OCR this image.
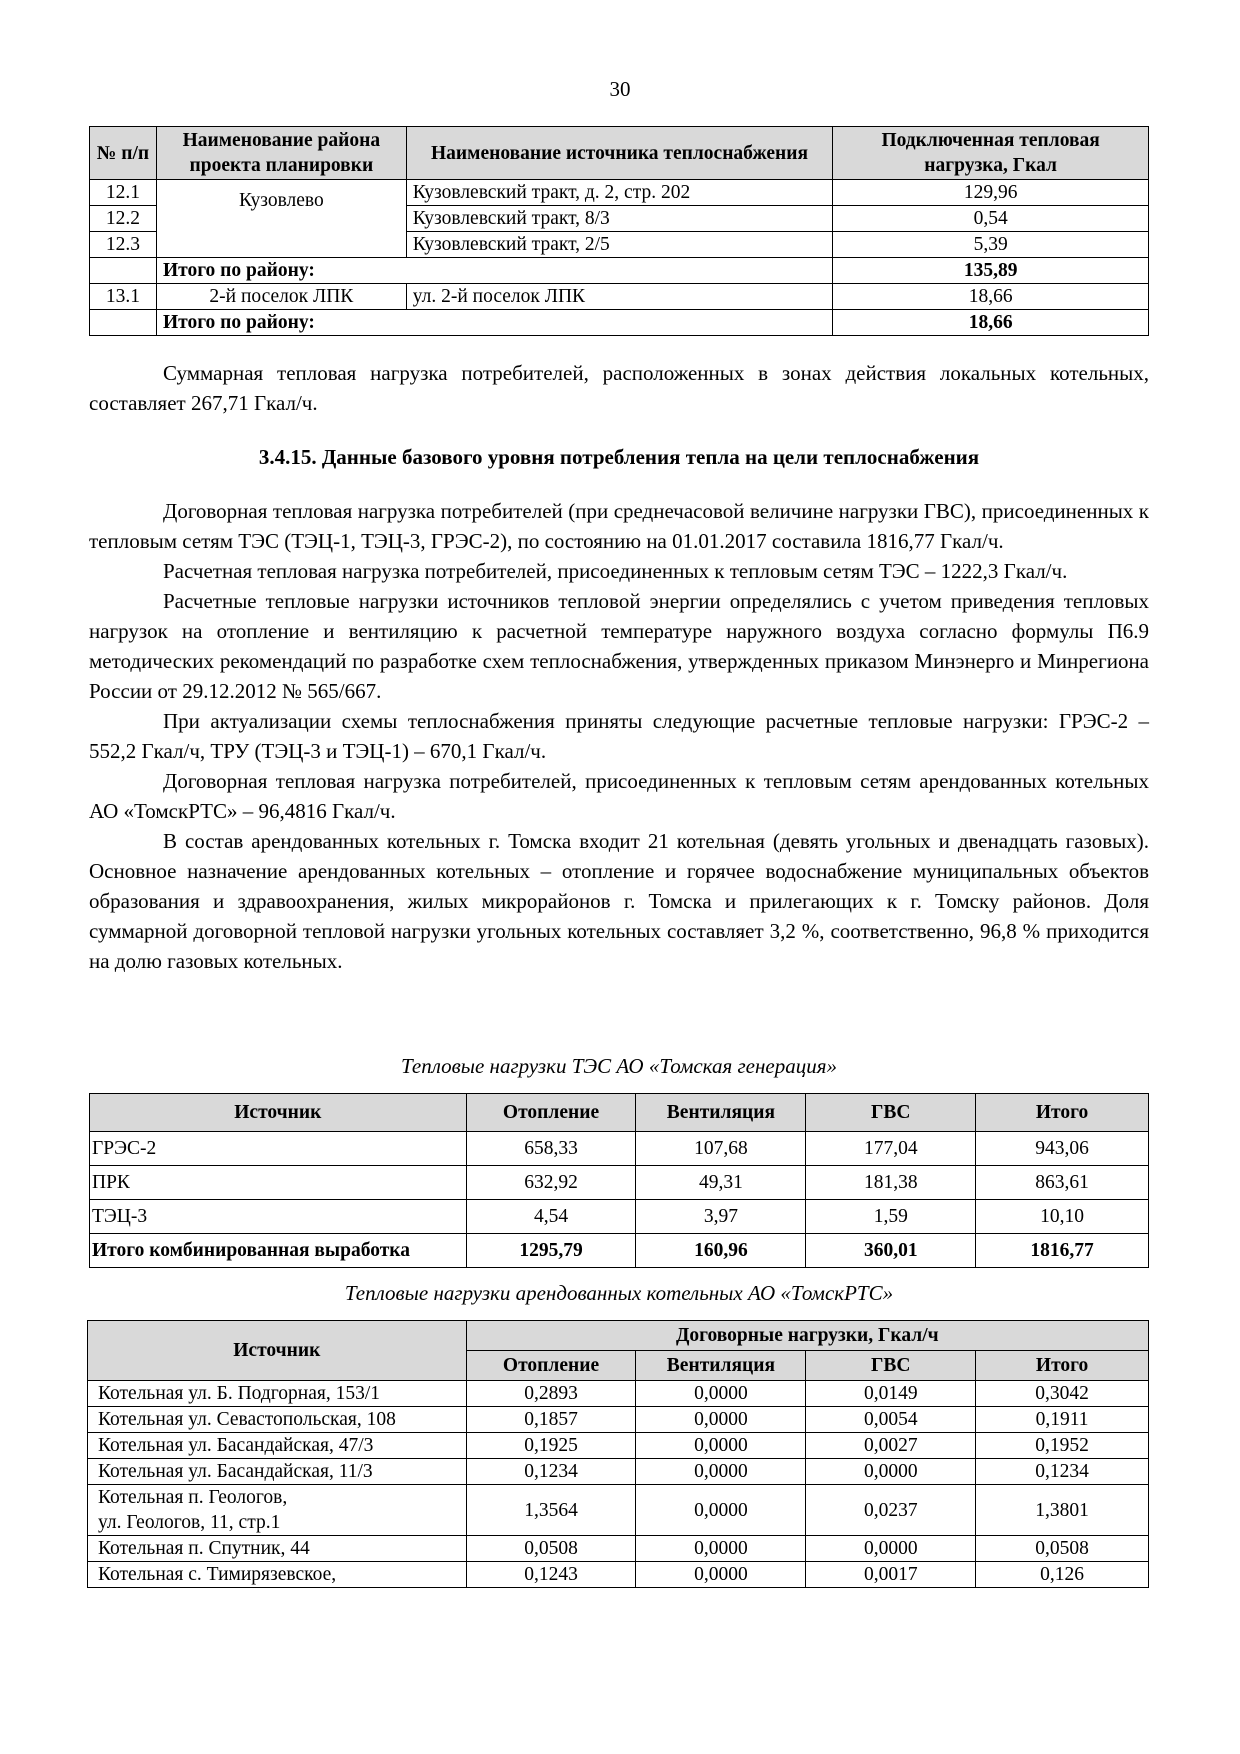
30
№ п/п	Наименование района проекта планировки	Наименование источника теплоснабжения	Подключенная тепловая нагрузка, Гкал
12.1	Кузовлево	Кузовлевский тракт, д. 2, стр. 202	129,96
12.2		Кузовлевский тракт, 8/3	0,54
12.3		Кузовлевский тракт, 2/5	5,39
	Итого по району:		135,89
13.1	2-й поселок ЛПК	ул. 2-й поселок ЛПК	18,66
	Итого по району:		18,66

Суммарная тепловая нагрузка потребителей, расположенных в зонах действия локальных котельных, составляет 267,71 Гкал/ч.

3.4.15. Данные базового уровня потребления тепла на цели теплоснабжения

Договорная тепловая нагрузка потребителей (при среднечасовой величине нагрузки ГВС), присоединенных к тепловым сетям ТЭС (ТЭЦ-1, ТЭЦ-3, ГРЭС-2), по состоянию на 01.01.2017 составила 1816,77 Гкал/ч.

Расчетная тепловая нагрузка потребителей, присоединенных к тепловым сетям ТЭС – 1222,3 Гкал/ч.

Расчетные тепловые нагрузки источников тепловой энергии определялись с учетом приведения тепловых нагрузок на отопление и вентиляцию к расчетной температуре наружного воздуха согласно формулы П6.9 методических рекомендаций по разработке схем теплоснабжения, утвержденных приказом Минэнерго и Минрегиона России от 29.12.2012 № 565/667.

При актуализации схемы теплоснабжения приняты следующие расчетные тепловые нагрузки: ГРЭС-2 – 552,2 Гкал/ч, ТРУ (ТЭЦ-3 и ТЭЦ-1) – 670,1 Гкал/ч.

Договорная тепловая нагрузка потребителей, присоединенных к тепловым сетям арендованных котельных АО «ТомскРТС» – 96,4816 Гкал/ч.

В состав арендованных котельных г. Томска входит 21 котельная (девять угольных и двенадцать газовых). Основное назначение арендованных котельных – отопление и горячее водоснабжение муниципальных объектов образования и здравоохранения, жилых микрорайонов г. Томска и прилегающих к г. Томску районов. Доля суммарной договорной тепловой нагрузки угольных котельных составляет 3,2 %, соответственно, 96,8 % приходится на долю газовых котельных.

Тепловые нагрузки ТЭС АО «Томская генерация»
Источник	Отопление	Вентиляция	ГВС	Итого
ГРЭС-2	658,33	107,68	177,04	943,06
ПРК	632,92	49,31	181,38	863,61
ТЭЦ-3	4,54	3,97	1,59	10,10
Итого комбинированная выработка	1295,79	160,96	360,01	1816,77
Тепловые нагрузки арендованных котельных АО «ТомскРТС»
Источник	Договорные нагрузки, Гкал/ч			
	Отопление	Вентиляция	ГВС	Итого
Котельная ул. Б. Подгорная, 153/1	0,2893	0,0000	0,0149	0,3042
Котельная ул. Севастопольская, 108	0,1857	0,0000	0,0054	0,1911
Котельная ул. Басандайская, 47/3	0,1925	0,0000	0,0027	0,1952
Котельная ул. Басандайская, 11/3	0,1234	0,0000	0,0000	0,1234

Котельная п. Геологов,
ул. Геологов, 11, стр.1	1,3564	0,0000	0,0237	1,3801
Котельная п. Спутник, 44	0,0508	0,0000	0,0000	0,0508
Котельная с. Тимирязевское,	0,1243	0,0000	0,0017	0,126
